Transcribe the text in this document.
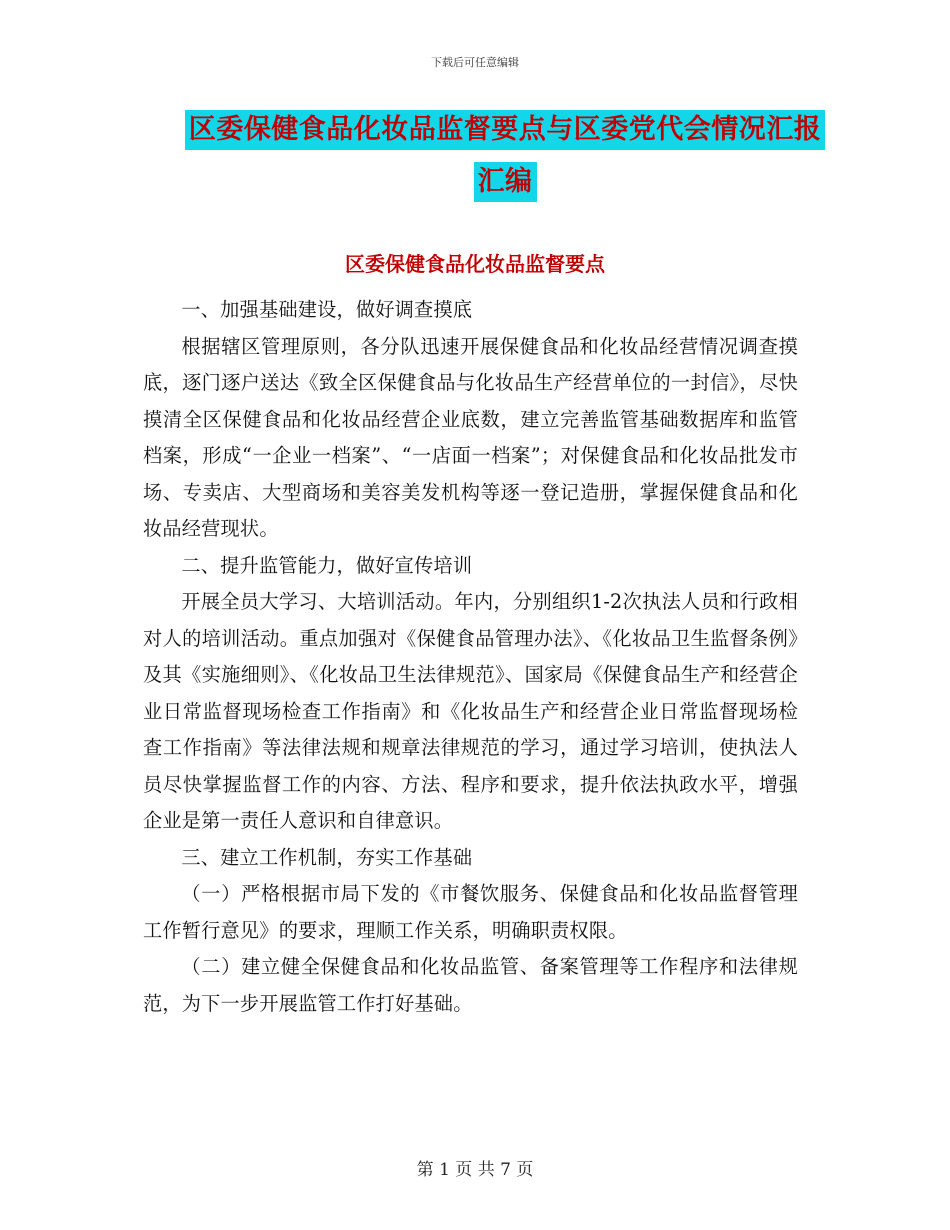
下载后可任意编辑
区委保健食品化妆品监督要点与区委党代会情况汇报
汇编
区委保健食品化妆品监督要点

一、加强基础建设，做好调查摸底

根据辖区管理原则，各分队迅速开展保健食品和化妆品经营情况调查摸底，逐门逐户送达《致全区保健食品与化妆品生产经营单位的一封信》，尽快摸清全区保健食品和化妆品经营企业底数，建立完善监管基础数据库和监管档案，形成“一企业一档案”、“一店面一档案”；对保健食品和化妆品批发市场、专卖店、大型商场和美容美发机构等逐一登记造册，掌握保健食品和化妆品经营现状。

二、提升监管能力，做好宣传培训

开展全员大学习、大培训活动。年内，分别组织1-2次执法人员和行政相对人的培训活动。重点加强对《保健食品管理办法》、《化妆品卫生监督条例》及其《实施细则》、《化妆品卫生法律规范》、国家局《保健食品生产和经营企业日常监督现场检查工作指南》和《化妆品生产和经营企业日常监督现场检查工作指南》等法律法规和规章法律规范的学习，通过学习培训，使执法人员尽快掌握监督工作的内容、方法、程序和要求，提升依法执政水平，增强企业是第一责任人意识和自律意识。

三、建立工作机制，夯实工作基础

（一）严格根据市局下发的《市餐饮服务、保健食品和化妆品监督管理工作暂行意见》的要求，理顺工作关系，明确职责权限。

（二）建立健全保健食品和化妆品监管、备案管理等工作程序和法律规范，为下一步开展监管工作打好基础。

第 1 页 共 7 页
